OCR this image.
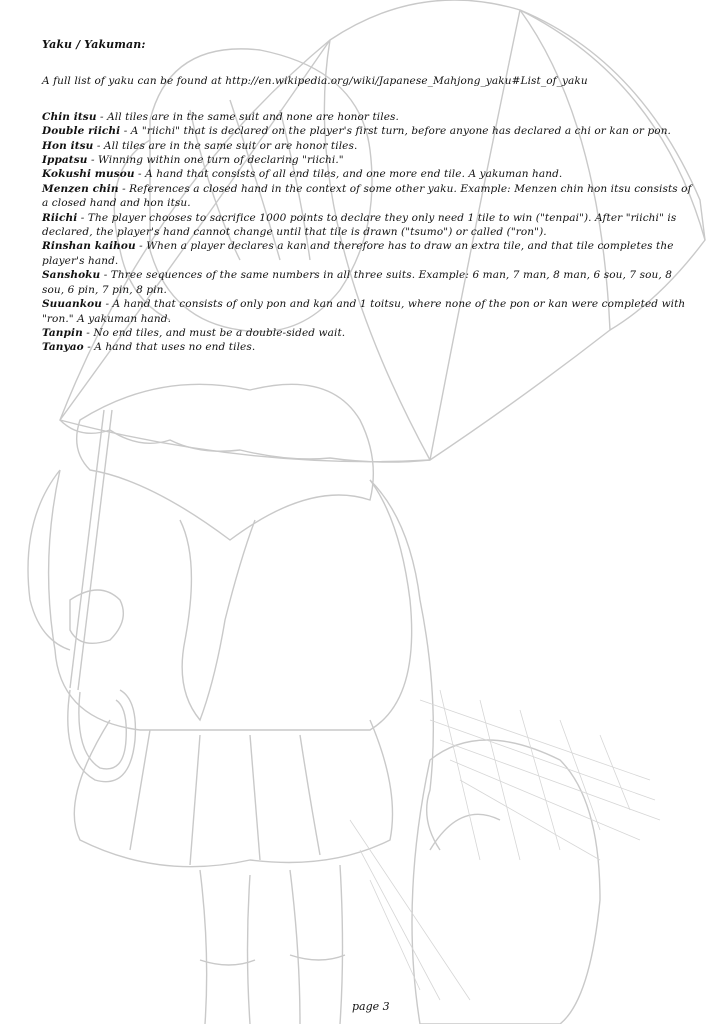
Yaku / Yakuman:

A full list of yaku can be found at http://en.wikipedia.org/wiki/Japanese_Mahjong_yaku#List_of_yaku

Chin itsu - All tiles are in the same suit and none are honor tiles.

Double riichi - A "riichi" that is declared on the player's first turn, before anyone has declared a chi or kan or pon.

Hon itsu - All tiles are in the same suit or are honor tiles.

Ippatsu - Winning within one turn of declaring "riichi."

Kokushi musou - A hand that consists of all end tiles, and one more end tile. A yakuman hand.

Menzen chin - References a closed hand in the context of some other yaku. Example: Menzen chin hon itsu consists of a closed hand and hon itsu.

Riichi - The player chooses to sacrifice 1000 points to declare they only need 1 tile to win ("tenpai"). After "riichi" is declared, the player's hand cannot change until that tile is drawn ("tsumo") or called ("ron").

Rinshan kaihou - When a player declares a kan and therefore has to draw an extra tile, and that tile completes the player's hand.

Sanshoku - Three sequences of the same numbers in all three suits. Example: 6 man, 7 man, 8 man, 6 sou, 7 sou, 8 sou, 6 pin, 7 pin, 8 pin.

Suuankou - A hand that consists of only pon and kan and 1 toitsu, where none of the pon or kan were completed with "ron." A yakuman hand.

Tanpin - No end tiles, and must be a double-sided wait.

Tanyao - A hand that uses no end tiles.

page 3
